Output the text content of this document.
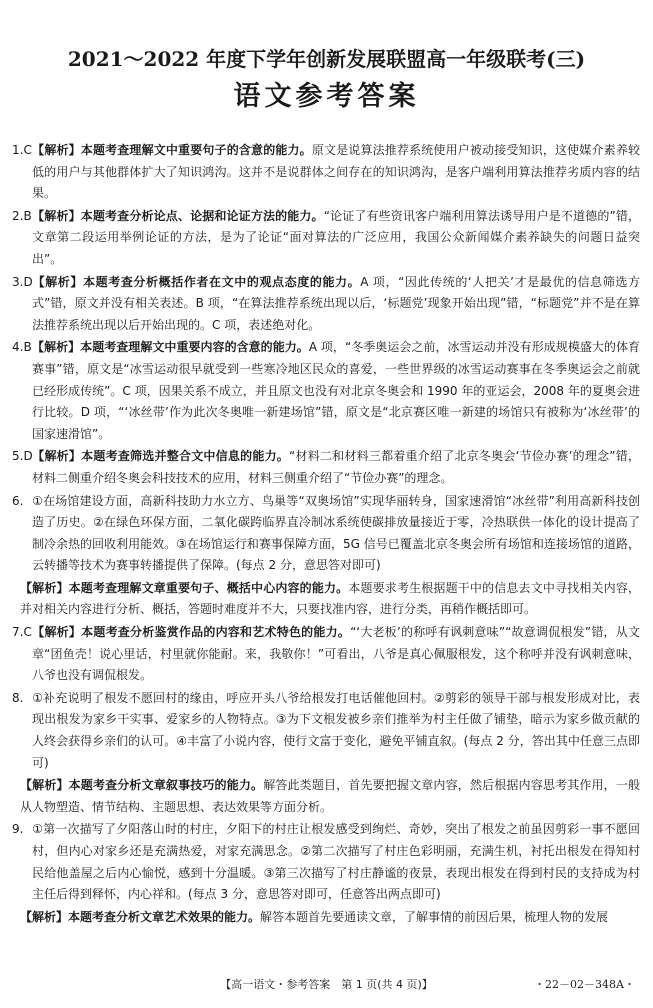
2021～2022 年度下学年创新发展联盟高一年级联考(三)
语文参考答案

1.C【解析】本题考查理解文中重要句子的含意的能力。原文是说算法推荐系统使用户被动接受知识，这使媒介素养较低的用户与其他群体扩大了知识鸿沟。这并不是说群体之间存在的知识鸿沟，是客户端利用算法推荐劣质内容的结果。

2.B【解析】本题考查分析论点、论据和论证方法的能力。“论证了有些资讯客户端利用算法诱导用户是不道德的”错，文章第二段运用举例论证的方法，是为了论证“面对算法的广泛应用，我国公众新闻媒介素养缺失的问题日益突出”。

3.D【解析】本题考查分析概括作者在文中的观点态度的能力。A 项，“因此传统的‘人把关’才是最优的信息筛选方式”错，原文并没有相关表述。B 项，“在算法推荐系统出现以后，‘标题党’现象开始出现”错，“标题党”并不是在算法推荐系统出现以后开始出现的。C 项，表述绝对化。

4.B【解析】本题考查理解文中重要内容的含意的能力。A 项，“冬季奥运会之前，冰雪运动并没有形成规模盛大的体育赛事”错，原文是“冰雪运动很早就受到一些寒冷地区民众的喜爱，一些世界级的冰雪运动赛事在冬季奥运会之前就已经形成传统”。C 项，因果关系不成立，并且原文也没有对北京冬奥会和 1990 年的亚运会，2008 年的夏奥会进行比较。D 项，“‘冰丝带’作为此次冬奥唯一新建场馆”错，原文是“北京赛区唯一新建的场馆只有被称为‘冰丝带’的国家速滑馆”。

5.D【解析】本题考查筛选并整合文中信息的能力。“材料二和材料三都着重介绍了北京冬奥会‘节俭办赛’的理念”错，材料二侧重介绍冬奥会科技技术的应用，材料三侧重介绍了“节俭办赛”的理念。

6. ①在场馆建设方面，高新科技助力水立方、鸟巢等“双奥场馆”实现华丽转身，国家速滑馆“冰丝带”利用高新科技创造了历史。②在绿色环保方面，二氧化碳跨临界直冷制冰系统使碳排放量接近于零，冷热联供一体化的设计提高了制冷余热的回收利用能效。③在场馆运行和赛事保障方面，5G 信号已覆盖北京冬奥会所有场馆和连接场馆的道路，云转播等技术为赛事转播提供了保障。(每点 2 分，意思答对即可)

【解析】本题考查理解文章重要句子、概括中心内容的能力。本题要求考生根据题干中的信息去文中寻找相关内容，并对相关内容进行分析、概括，答题时难度并不大，只要找准内容，进行分类，再稍作概括即可。

7.C【解析】本题考查分析鉴赏作品的内容和艺术特色的能力。“‘大老板’的称呼有讽刺意味”“故意调侃根发”错，从文章“团鱼壳！说心里话，村里就你能耐。来，我敬你！”可看出，八爷是真心佩服根发，这个称呼并没有讽刺意味，八爷也没有调侃根发。

8. ①补充说明了根发不愿回村的缘由，呼应开头八爷给根发打电话催他回村。②剪彩的领导干部与根发形成对比，表现出根发为家乡干实事、爱家乡的人物特点。③为下文根发被乡亲们推举为村主任做了铺垫，暗示为家乡做贡献的人终会获得乡亲们的认可。④丰富了小说内容，使行文富于变化，避免平铺直叙。(每点 2 分，答出其中任意三点即可)

【解析】本题考查分析文章叙事技巧的能力。解答此类题目，首先要把握文章内容，然后根据内容思考其作用，一般从人物塑造、情节结构、主题思想、表达效果等方面分析。

9. ①第一次描写了夕阳落山时的村庄，夕阳下的村庄让根发感受到绚烂、奇妙，突出了根发之前虽因剪彩一事不愿回村，但内心对家乡还是充满热爱，对家充满思念。②第二次描写了村庄色彩明丽，充满生机，衬托出根发在得知村民给他盖屋之后内心愉悦，感到十分温暖。③第三次描写了村庄静谧的夜景，表现出根发在得到村民的支持成为村主任后得到释怀，内心祥和。(每点 3 分，意思答对即可，任意答出两点即可)

【解析】本题考查分析文章艺术效果的能力。解答本题首先要通读文章，了解事情的前因后果，梳理人物的发展

【高一语文・参考答案　第 1 页(共 4 页)】	・22－02－348A・
